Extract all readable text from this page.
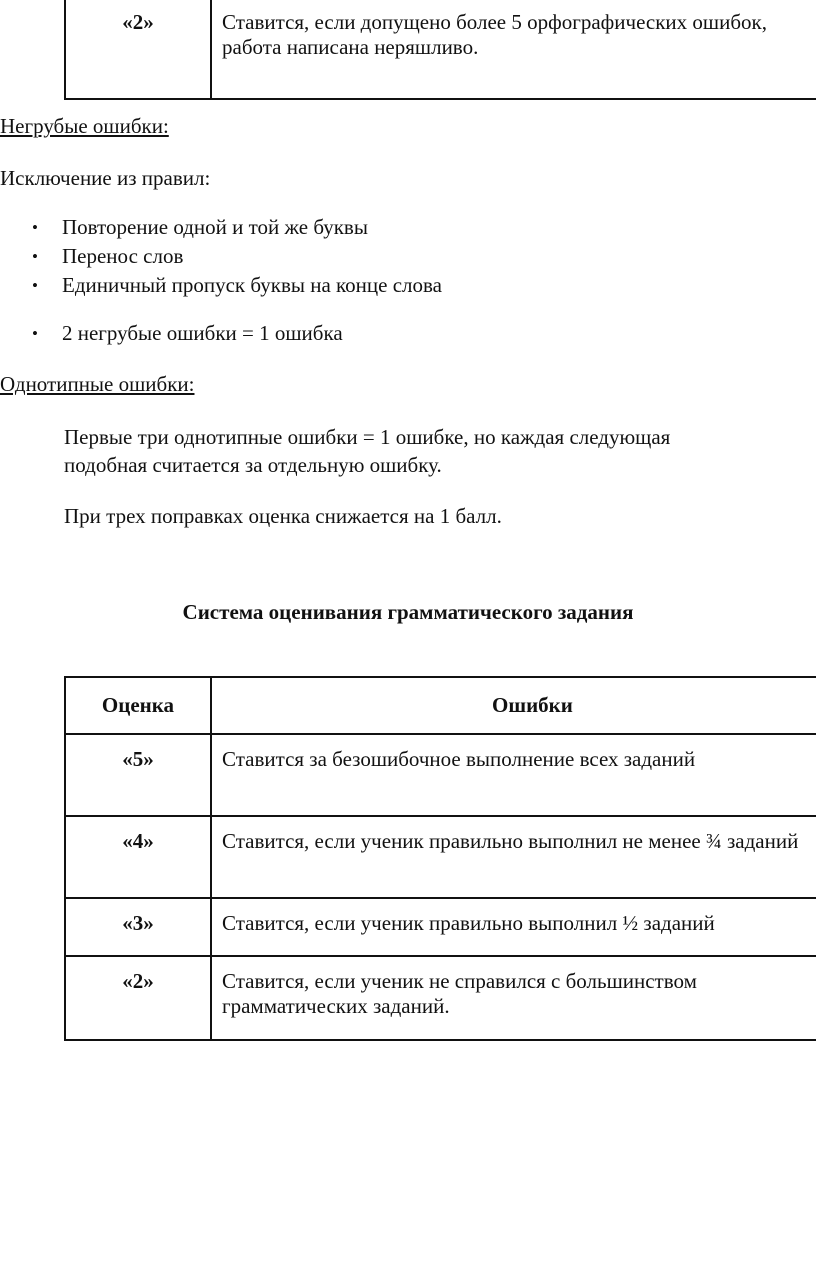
«2»	Ставится, если допущено более 5 орфографических ошибок,
работа написана неряшливо.
Негрубые ошибки:
Исключение из правил:
• Повторение одной и той же буквы
• Перенос слов
• Единичный пропуск буквы на конце слова
• 2 негрубые ошибки = 1 ошибка
Однотипные ошибки:
Первые три однотипные ошибки = 1 ошибке, но каждая следующая
подобная считается за отдельную ошибку.
При трех поправках оценка снижается на 1 балл.
Система оценивания грамматического задания
Оценка	Ошибки
«5»	Ставится за безошибочное выполнение всех заданий

«4»	Ставится, если ученик правильно выполнил не менее ¾ заданий

«3»	Ставится, если ученик правильно выполнил ½ заданий

«2»	Ставится, если ученик не справился с большинством
грамматических заданий.
